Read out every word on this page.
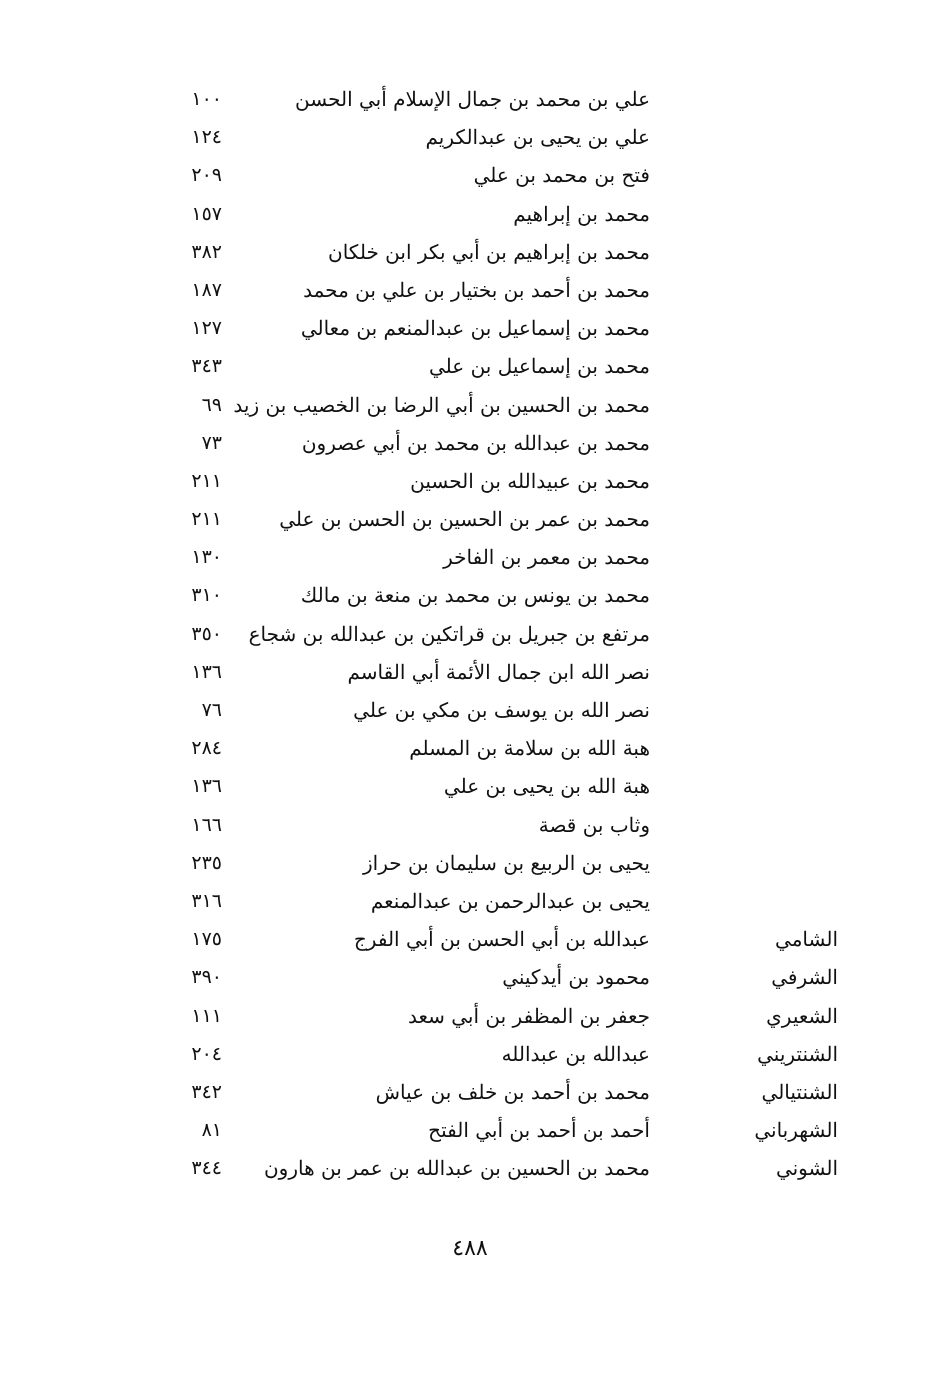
علي بن محمد بن جمال الإسلام أبي الحسن
١٠٠
علي بن يحيى بن عبدالكريم
١٢٤
فتح بن محمد بن علي
٢٠٩
محمد بن إبراهيم
١٥٧
محمد بن إبراهيم بن أبي بكر ابن خلكان
٣٨٢
محمد بن أحمد بن بختيار بن علي بن محمد
١٨٧
محمد بن إسماعيل بن عبدالمنعم بن معالي
١٢٧
محمد بن إسماعيل بن علي
٣٤٣
محمد بن الحسين بن أبي الرضا بن الخصيب بن زيد
٦٩
محمد بن عبدالله بن محمد بن أبي عصرون
٧٣
محمد بن عبيدالله بن الحسين
٢١١
محمد بن عمر بن الحسين بن الحسن بن علي
٢١١
محمد بن معمر بن الفاخر
١٣٠
محمد بن يونس بن محمد بن منعة بن مالك
٣١٠
مرتفع بن جبريل بن قراتكين بن عبدالله بن شجاع
٣٥٠
نصر الله ابن جمال الأئمة أبي القاسم
١٣٦
نصر الله بن يوسف بن مكي بن علي
٧٦
هبة الله بن سلامة بن المسلم
٢٨٤
هبة الله بن يحيى بن علي
١٣٦
وثاب بن قصة
١٦٦
يحيى بن الربيع بن سليمان بن حراز
٢٣٥
يحيى بن عبدالرحمن بن عبدالمنعم
٣١٦
الشامي
عبدالله بن أبي الحسن بن أبي الفرج
١٧٥
الشرفي
محمود بن أيدكيني
٣٩٠
الشعيري
جعفر بن المظفر بن أبي سعد
١١١
الشنتريني
عبدالله بن عبدالله
٢٠٤
الشنتيالي
محمد بن أحمد بن خلف بن عياش
٣٤٢
الشهرباني
أحمد بن أحمد بن أبي الفتح
٨١
الشوني
محمد بن الحسين بن عبدالله بن عمر بن هارون
٣٤٤
٤٨٨
